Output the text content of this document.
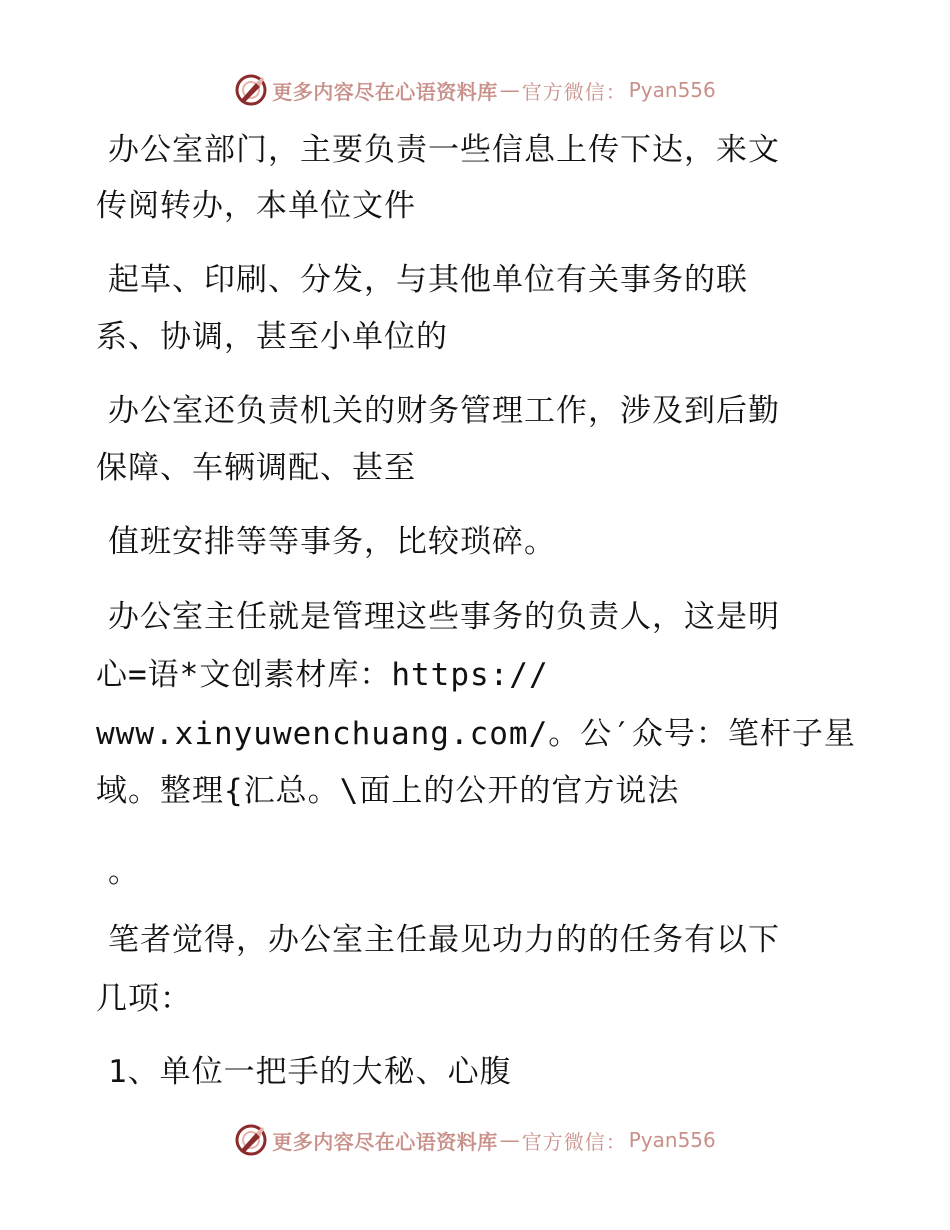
更多内容尽在心语资料库 — 官方微信： Pyan556
办公室部门，主要负责一些信息上传下达，来文
传阅转办，本单位文件
起草、印刷、分发，与其他单位有关事务的联
系、协调，甚至小单位的
办公室还负责机关的财务管理工作，涉及到后勤
保障、车辆调配、甚至
值班安排等等事务，比较琐碎。
办公室主任就是管理这些事务的负责人，这是明
心=语*文创素材库：https://
www.xinyuwenchuang.com/。公′众号：笔杆子星
域。整理{汇总。\面上的公开的官方说法
。
笔者觉得，办公室主任最见功力的的任务有以下
几项：
1、单位一把手的大秘、心腹
更多内容尽在心语资料库 — 官方微信： Pyan556
